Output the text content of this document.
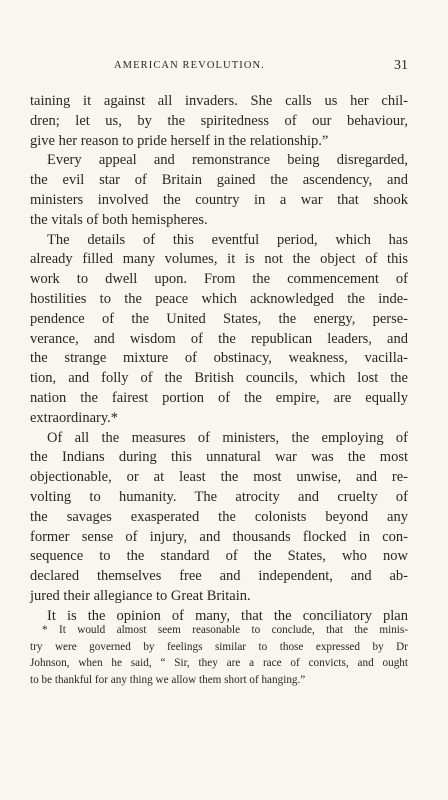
AMERICAN REVOLUTION.	31
taining it against all invaders. She calls us her chil-
dren; let us, by the spiritedness of our behaviour,
give her reason to pride herself in the relationship.”
Every appeal and remonstrance being disregarded,
the evil star of Britain gained the ascendency, and
ministers involved the country in a war that shook
the vitals of both hemispheres.
The details of this eventful period, which has
already filled many volumes, it is not the object of this
work to dwell upon. From the commencement of
hostilities to the peace which acknowledged the inde-
pendence of the United States, the energy, perse-
verance, and wisdom of the republican leaders, and
the strange mixture of obstinacy, weakness, vacilla-
tion, and folly of the British councils, which lost the
nation the fairest portion of the empire, are equally
extraordinary.*
Of all the measures of ministers, the employing of
the Indians during this unnatural war was the most
objectionable, or at least the most unwise, and re-
volting to humanity. The atrocity and cruelty of
the savages exasperated the colonists beyond any
former sense of injury, and thousands flocked in con-
sequence to the standard of the States, who now
declared themselves free and independent, and ab-
jured their allegiance to Great Britain.
It is the opinion of many, that the conciliatory plan
* It would almost seem reasonable to conclude, that the minis-
try were governed by feelings similar to those expressed by Dr
Johnson, when he said, “ Sir, they are a race of convicts, and ought
to be thankful for any thing we allow them short of hanging.”
